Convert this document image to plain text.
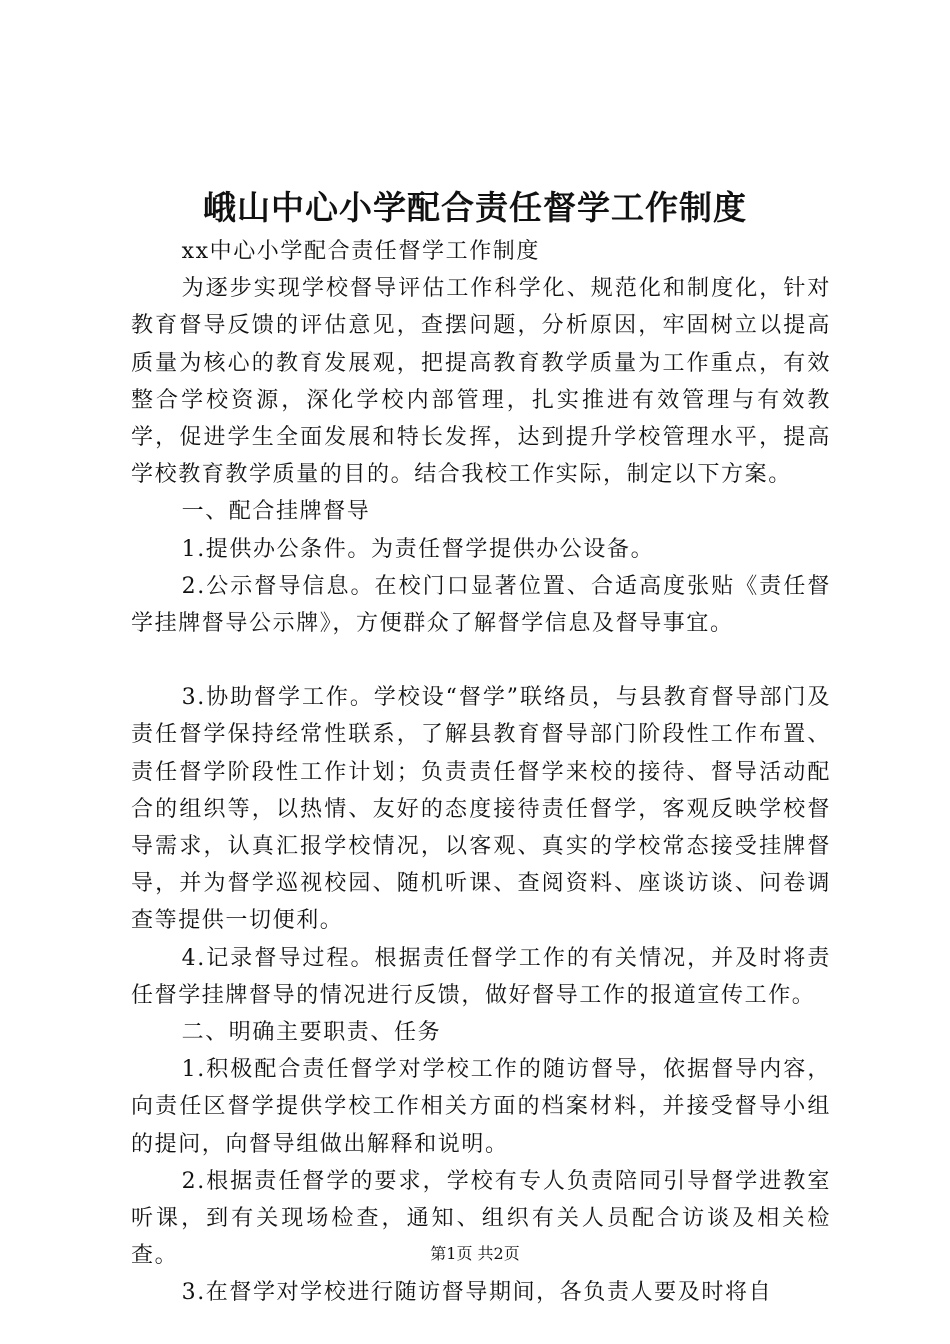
峨山中心小学配合责任督学工作制度

xx中心小学配合责任督学工作制度

为逐步实现学校督导评估工作科学化、规范化和制度化，针对教育督导反馈的评估意见，查摆问题，分析原因，牢固树立以提高质量为核心的教育发展观，把提高教育教学质量为工作重点，有效整合学校资源，深化学校内部管理，扎实推进有效管理与有效教学，促进学生全面发展和特长发挥，达到提升学校管理水平，提高学校教育教学质量的目的。结合我校工作实际，制定以下方案。

一、配合挂牌督导

1.提供办公条件。为责任督学提供办公设备。

2.公示督导信息。在校门口显著位置、合适高度张贴《责任督学挂牌督导公示牌》，方便群众了解督学信息及督导事宜。

3.协助督学工作。学校设“督学”联络员，与县教育督导部门及责任督学保持经常性联系，了解县教育督导部门阶段性工作布置、责任督学阶段性工作计划；负责责任督学来校的接待、督导活动配合的组织等，以热情、友好的态度接待责任督学，客观反映学校督导需求，认真汇报学校情况，以客观、真实的学校常态接受挂牌督导，并为督学巡视校园、随机听课、查阅资料、座谈访谈、问卷调查等提供一切便利。

4.记录督导过程。根据责任督学工作的有关情况，并及时将责任督学挂牌督导的情况进行反馈，做好督导工作的报道宣传工作。

二、明确主要职责、任务

1.积极配合责任督学对学校工作的随访督导，依据督导内容，向责任区督学提供学校工作相关方面的档案材料，并接受督导小组的提问，向督导组做出解释和说明。

2.根据责任督学的要求，学校有专人负责陪同引导督学进教室听课，到有关现场检查，通知、组织有关人员配合访谈及相关检查。

3.在督学对学校进行随访督导期间，各负责人要及时将自

第1页 共2页
